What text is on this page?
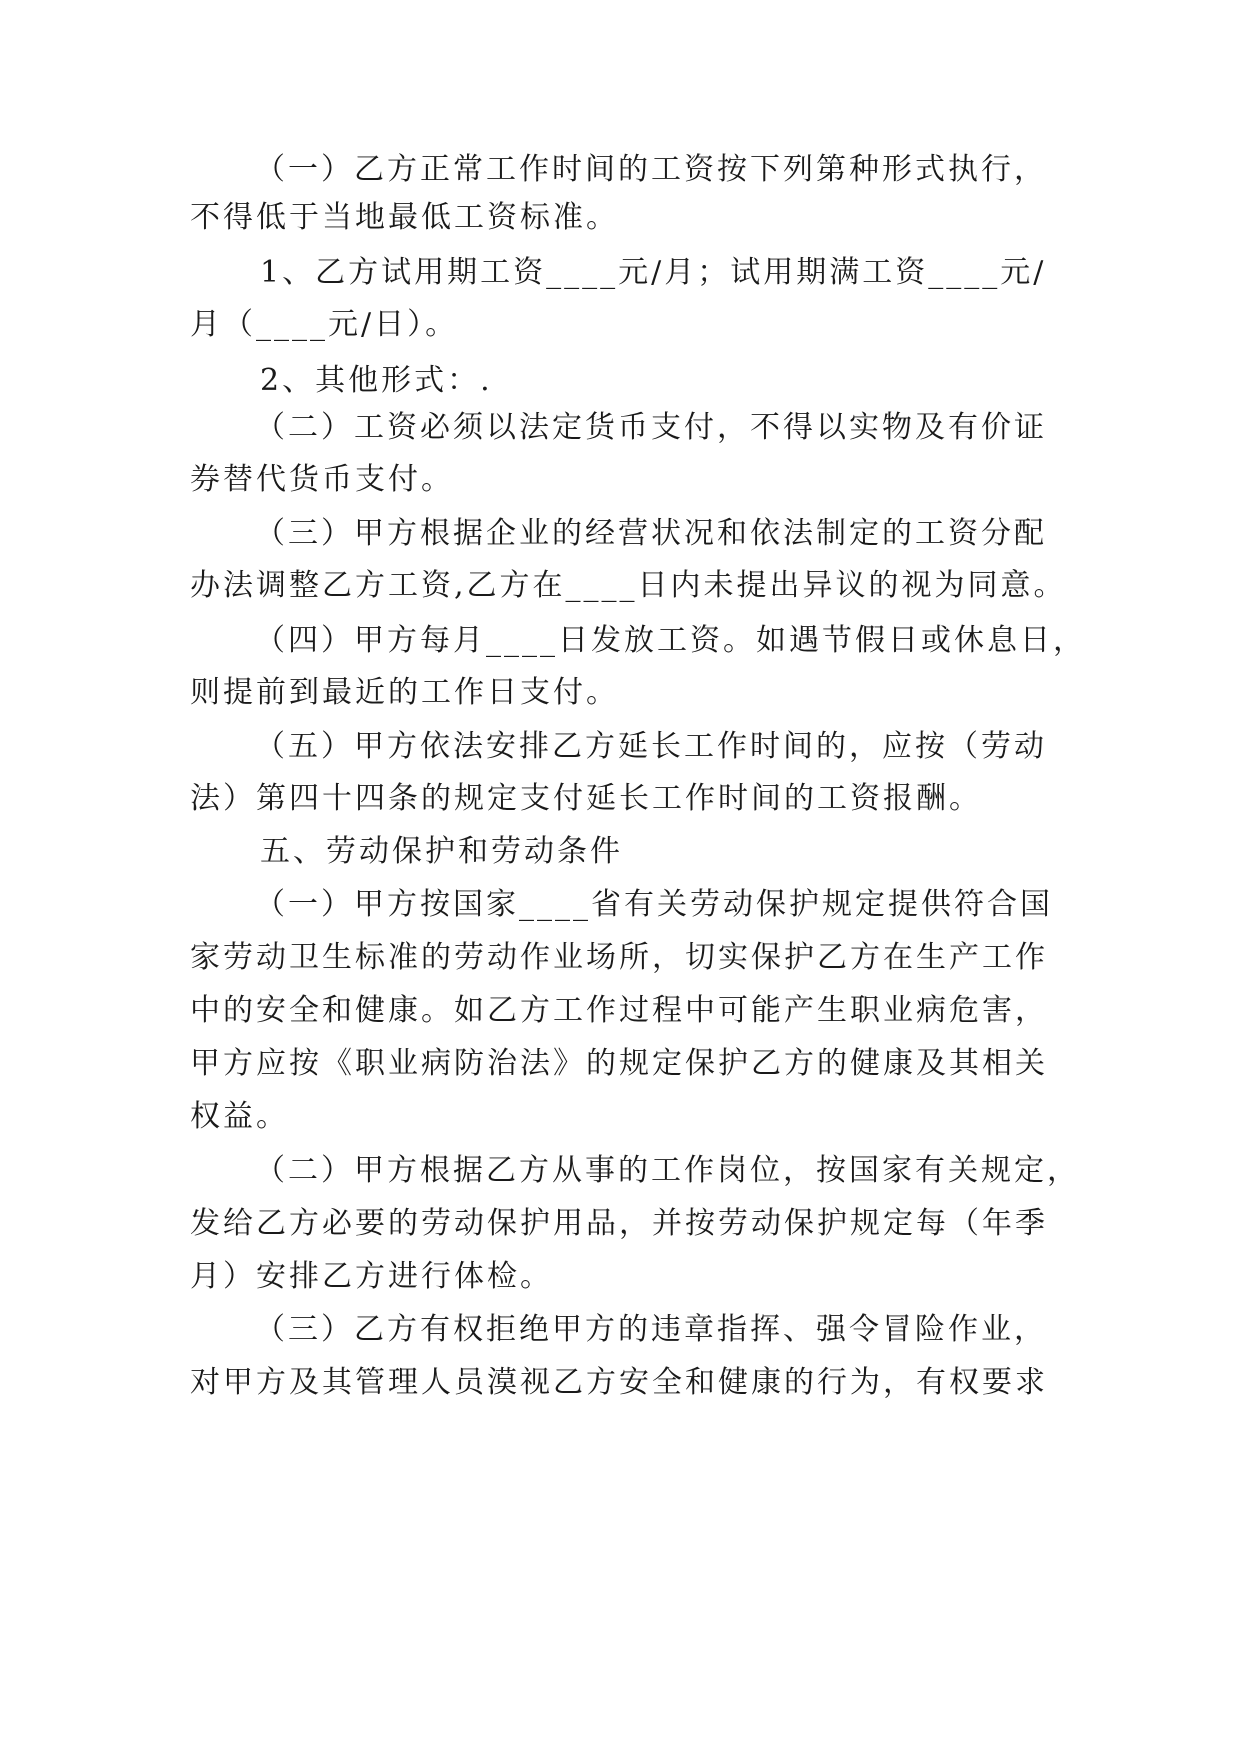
（一）乙方正常工作时间的工资按下列第种形式执行，
不得低于当地最低工资标准。
1、乙方试用期工资____元/月；试用期满工资____元/
月（____元/日）。
2、其他形式：.
（二）工资必须以法定货币支付，不得以实物及有价证
券替代货币支付。
（三）甲方根据企业的经营状况和依法制定的工资分配
办法调整乙方工资,乙方在____日内未提出异议的视为同意。
（四）甲方每月____日发放工资。如遇节假日或休息日，
则提前到最近的工作日支付。
（五）甲方依法安排乙方延长工作时间的，应按（劳动
法）第四十四条的规定支付延长工作时间的工资报酬。
五、劳动保护和劳动条件
（一）甲方按国家____省有关劳动保护规定提供符合国
家劳动卫生标准的劳动作业场所，切实保护乙方在生产工作
中的安全和健康。如乙方工作过程中可能产生职业病危害，
甲方应按《职业病防治法》的规定保护乙方的健康及其相关
权益。
（二）甲方根据乙方从事的工作岗位，按国家有关规定，
发给乙方必要的劳动保护用品，并按劳动保护规定每（年季
月）安排乙方进行体检。
（三）乙方有权拒绝甲方的违章指挥、强令冒险作业，
对甲方及其管理人员漠视乙方安全和健康的行为，有权要求
